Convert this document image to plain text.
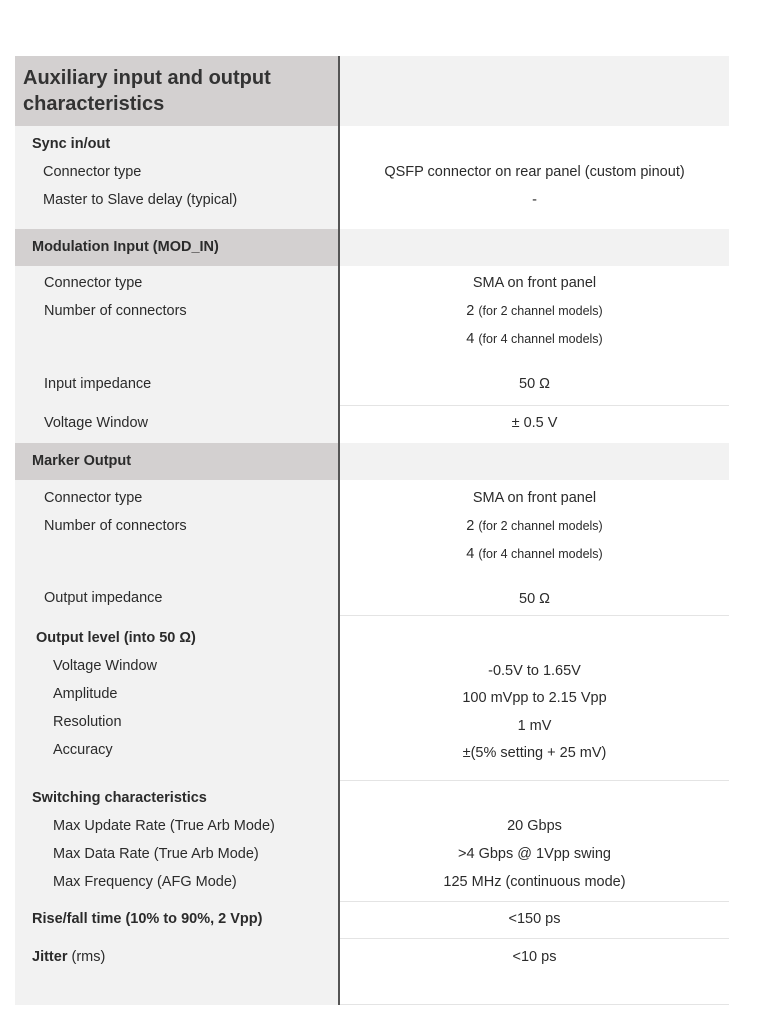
Auxiliary input and output characteristics
Sync in/out
Connector type	QSFP connector on rear panel (custom pinout)
Master to Slave delay (typical)	-
Modulation Input (MOD_IN)
Connector type	SMA on front panel
Number of connectors	2 (for 2 channel models)
4 (for 4 channel models)
Input impedance	50 Ω
Voltage Window	± 0.5 V
Marker Output
Connector type	SMA on front panel
Number of connectors	2 (for 2 channel models)
4 (for 4 channel models)
Output impedance	50 Ω
Output level (into 50 Ω)
Voltage Window	-0.5V to 1.65V
Amplitude	100 mVpp to 2.15 Vpp
Resolution	1 mV
Accuracy	±(5% setting + 25 mV)
Switching characteristics
Max Update Rate (True Arb Mode)	20 Gbps
Max Data Rate (True Arb Mode)	>4 Gbps @ 1Vpp swing
Max Frequency (AFG Mode)	125 MHz (continuous mode)
Rise/fall time (10% to 90%, 2 Vpp)	<150 ps
Jitter (rms)	<10 ps
